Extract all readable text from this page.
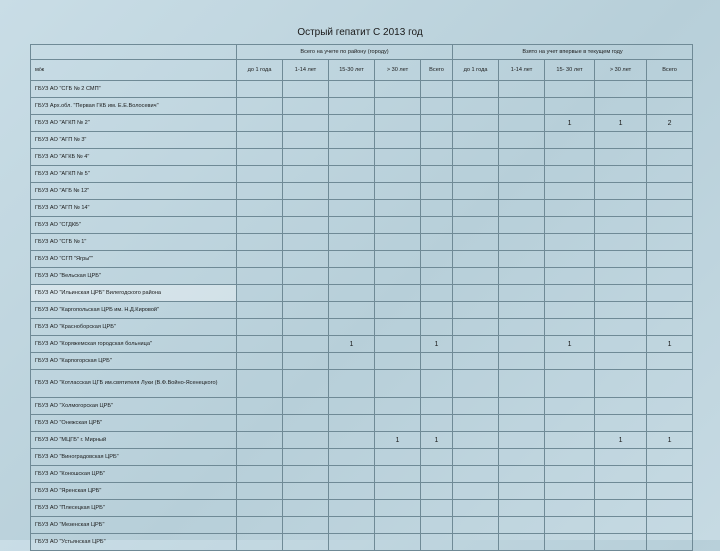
Острый гепатит С 2013 год
	Всего на учете по району (городу)					Взято на учет впервые в текущем году				
м/ж	до 1 года	1-14 лет	15-30 лет	> 30 лет	Всего	до 1 года	1-14 лет	15- 30 лет	> 30 лет	Всего
ГБУЗ АО "СГБ № 2 СМП"										
ГБУЗ Арх.обл. "Первая ГКБ им. Е.Е.Волосевич"										
ГБУЗ АО "АГКП № 2"								1	1	2
ГБУЗ АО "АГП № 3"										
ГБУЗ АО "АГКБ № 4"										
ГБУЗ АО "АГКП № 5"										
ГБУЗ АО "АГБ № 12"										
ГБУЗ АО "АГП № 14"										
ГБУЗ АО "СГДКБ"										
ГБУЗ АО "СГБ № 1"										
ГБУЗ АО "СГП "Ягры""										
ГБУЗ АО "Вельская ЦРБ"										
ГБУЗ АО "Ильинская ЦРБ" Вилегодского района										
ГБУЗ АО "Каргопольская ЦРБ им. Н.Д.Кировой"										
ГБУЗ АО "Красноборская ЦРБ"										
ГБУЗ АО "Коряжемская городская больница"			1		1			1		1
ГБУЗ АО "Карпогорская ЦРБ"										
ГБУЗ АО "Котласская ЦГБ им.святителя Луки (В.Ф.Войно-Ясенецкого)										
ГБУЗ АО "Холмогорская ЦРБ"										
ГБУЗ АО "Онежская ЦРБ"										
ГБУЗ АО "МЦГБ" г. Мирный				1	1				1	1
ГБУЗ АО "Виноградовская ЦРБ"										
ГБУЗ АО "Коношская ЦРБ"										
ГБУЗ АО "Яренская ЦРБ"										
ГБУЗ АО "Плесецкая ЦРБ"										
ГБУЗ АО "Мезенская ЦРБ"										
ГБУЗ АО "Устьянская ЦРБ"										
